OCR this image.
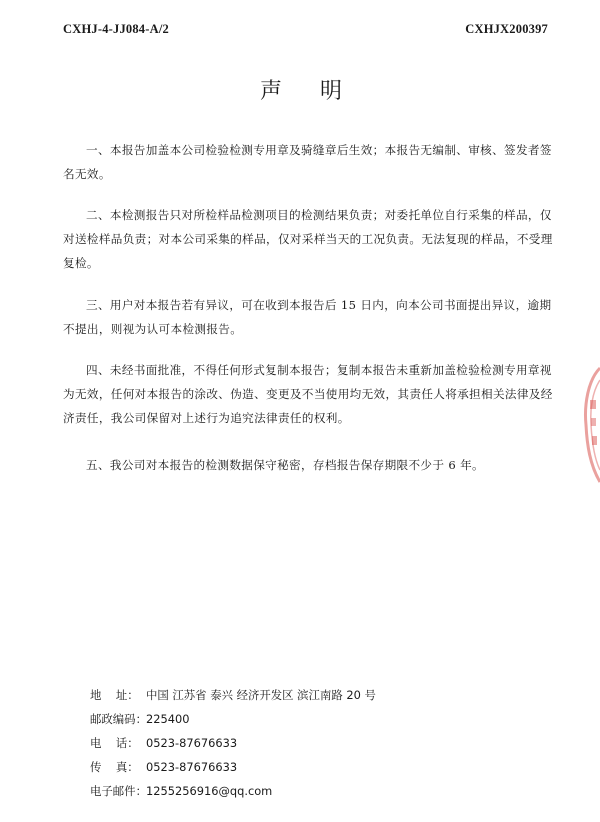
CXHJ-4-JJ084-A/2	CXHJX200397
声明
一、本报告加盖本公司检验检测专用章及骑缝章后生效；本报告无编制、审核、签发者签名无效。
二、本检测报告只对所检样品检测项目的检测结果负责；对委托单位自行采集的样品，仅对送检样品负责；对本公司采集的样品，仅对采样当天的工况负责。无法复现的样品，不受理复检。
三、用户对本报告若有异议，可在收到本报告后 15 日内，向本公司书面提出异议，逾期不提出，则视为认可本检测报告。
四、未经书面批准，不得任何形式复制本报告；复制本报告未重新加盖检验检测专用章视为无效，任何对本报告的涂改、伪造、变更及不当使用均无效，其责任人将承担相关法律及经济责任，我公司保留对上述行为追究法律责任的权利。
五、我公司对本报告的检测数据保守秘密，存档报告保存期限不少于 6 年。
地    址： 中国 江苏省 泰兴 经济开发区 滨江南路 20 号
邮政编码： 225400
电    话： 0523-87676633
传    真： 0523-87676633
电子邮件： 1255256916@qq.com
